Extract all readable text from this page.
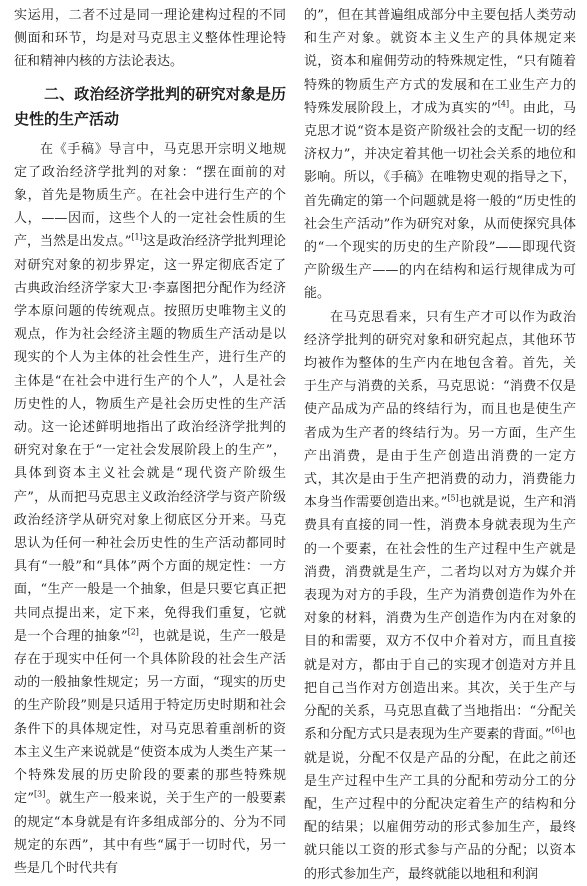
实运用，二者不过是同一理论建构过程的不同侧面和环节，均是对马克思主义整体性理论特征和精神内核的方法论表达。

二、政治经济学批判的研究对象是历史性的生产活动

在《手稿》导言中，马克思开宗明义地规定了政治经济学批判的对象：“摆在面前的对象，首先是物质生产。在社会中进行生产的个人，——因而，这些个人的一定社会性质的生产，当然是出发点。”[1]这是政治经济学批判理论对研究对象的初步界定，这一界定彻底否定了古典政治经济学家大卫·李嘉图把分配作为经济学本原问题的传统观点。按照历史唯物主义的观点，作为社会经济主题的物质生产活动是以现实的个人为主体的社会性生产，进行生产的主体是“在社会中进行生产的个人”，人是社会历史性的人，物质生产是社会历史性的生产活动。这一论述鲜明地指出了政治经济学批判的研究对象在于“一定社会发展阶段上的生产”，具体到资本主义社会就是“现代资产阶级生产”，从而把马克思主义政治经济学与资产阶级政治经济学从研究对象上彻底区分开来。马克思认为任何一种社会历史性的生产活动都同时具有“一般”和“具体”两个方面的规定性：一方面，“生产一般是一个抽象，但是只要它真正把共同点提出来，定下来，免得我们重复，它就是一个合理的抽象”[2]，也就是说，生产一般是存在于现实中任何一个具体阶段的社会生产活动的一般抽象性规定；另一方面，“现实的历史的生产阶段”则是只适用于特定历史时期和社会条件下的具体规定性，对马克思着重剖析的资本主义生产来说就是“使资本成为人类生产某一个特殊发展的历史阶段的要素的那些特殊规定”[3]。就生产一般来说，关于生产的一般要素的规定“本身就是有许多组成部分的、分为不同规定的东西”，其中有些“属于一切时代，另一些是几个时代共有

的”，但在其普遍组成部分中主要包括人类劳动和生产对象。就资本主义生产的具体规定来说，资本和雇佣劳动的特殊规定性，“只有随着特殊的物质生产方式的发展和在工业生产力的特殊发展阶段上，才成为真实的”[4]。由此，马克思才说“资本是资产阶级社会的支配一切的经济权力”，并决定着其他一切社会关系的地位和影响。所以，《手稿》在唯物史观的指导之下，首先确定的第一个问题就是将一般的“历史性的社会生产活动”作为研究对象，从而使探究具体的“一个现实的历史的生产阶段”——即现代资产阶级生产——的内在结构和运行规律成为可能。

在马克思看来，只有生产才可以作为政治经济学批判的研究对象和研究起点，其他环节均被作为整体的生产内在地包含着。首先，关于生产与消费的关系，马克思说：“消费不仅是使产品成为产品的终结行为，而且也是使生产者成为生产者的终结行为。另一方面，生产生产出消费，是由于生产创造出消费的一定方式，其次是由于生产把消费的动力，消费能力本身当作需要创造出来。”[5]也就是说，生产和消费具有直接的同一性，消费本身就表现为生产的一个要素，在社会性的生产过程中生产就是消费，消费就是生产，二者均以对方为媒介并表现为对方的手段，生产为消费创造作为外在对象的材料，消费为生产创造作为内在对象的目的和需要，双方不仅中介着对方，而且直接就是对方，都由于自己的实现才创造对方并且把自己当作对方创造出来。其次，关于生产与分配的关系，马克思直截了当地指出：“分配关系和分配方式只是表现为生产要素的背面。”[6]也就是说，分配不仅是产品的分配，在此之前还是生产过程中生产工具的分配和劳动分工的分配，生产过程中的分配决定着生产的结构和分配的结果；以雇佣劳动的形式参加生产，最终就只能以工资的形式参与产品的分配；以资本的形式参加生产，最终就能以地租和利润
